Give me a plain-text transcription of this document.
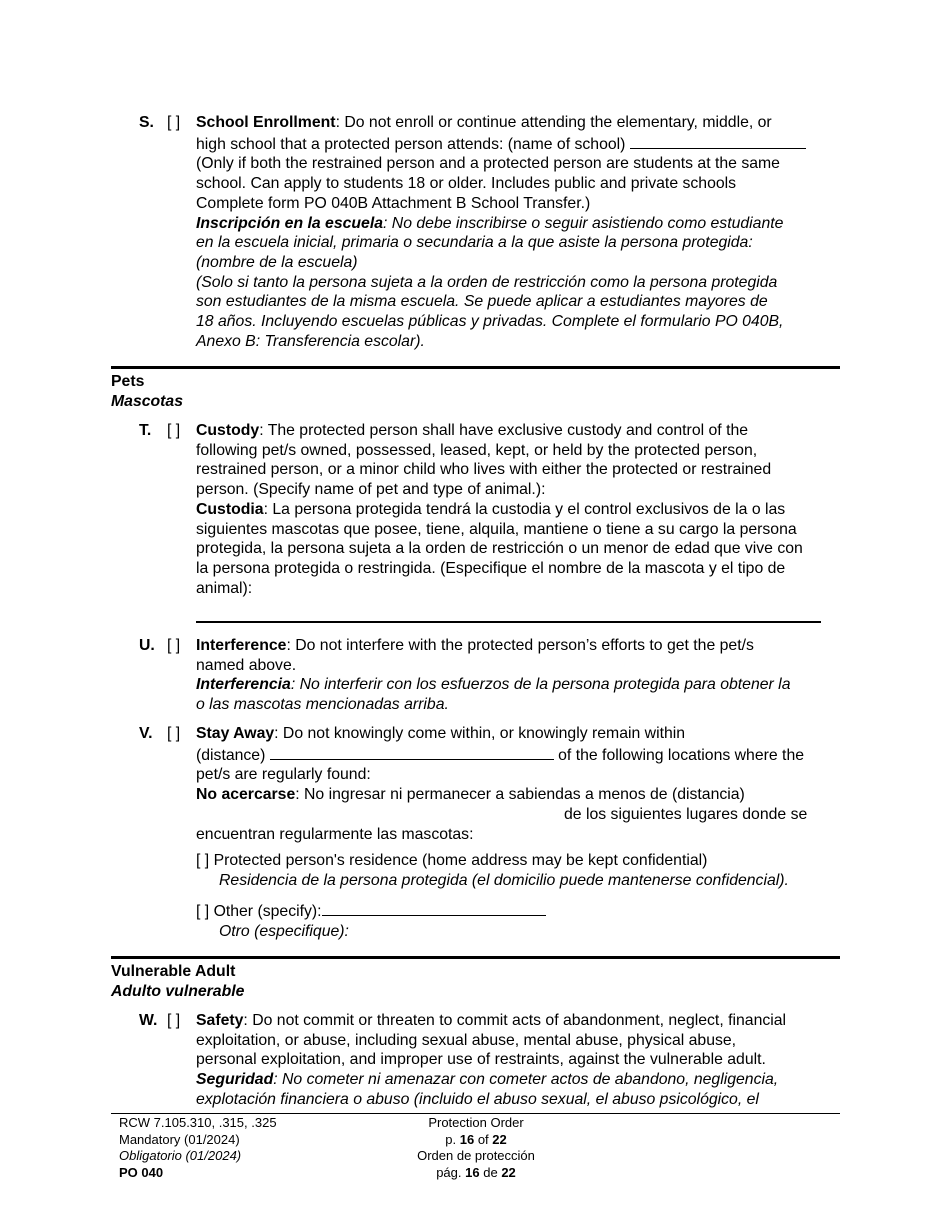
S. [ ] School Enrollment: Do not enroll or continue attending the elementary, middle, or
high school that a protected person attends: (name of school)
(Only if both the restrained person and a protected person are students at the same
school. Can apply to students 18 or older. Includes public and private schools
Complete form PO 040B Attachment B School Transfer.)
Inscripción en la escuela: No debe inscribirse o seguir asistiendo como estudiante
en la escuela inicial, primaria o secundaria a la que asiste la persona protegida:
(nombre de la escuela)
(Solo si tanto la persona sujeta a la orden de restricción como la persona protegida
son estudiantes de la misma escuela. Se puede aplicar a estudiantes mayores de
18 años. Incluyendo escuelas públicas y privadas. Complete el formulario PO 040B,
Anexo B: Transferencia escolar).
Pets
Mascotas
T. [ ] Custody: The protected person shall have exclusive custody and control of the
following pet/s owned, possessed, leased, kept, or held by the protected person,
restrained person, or a minor child who lives with either the protected or restrained
person. (Specify name of pet and type of animal.):
Custodia: La persona protegida tendrá la custodia y el control exclusivos de la o las
siguientes mascotas que posee, tiene, alquila, mantiene o tiene a su cargo la persona
protegida, la persona sujeta a la orden de restricción o un menor de edad que vive con
la persona protegida o restringida. (Especifique el nombre de la mascota y el tipo de
animal):
U. [ ] Interference: Do not interfere with the protected person’s efforts to get the pet/s
named above.
Interferencia: No interferir con los esfuerzos de la persona protegida para obtener la
o las mascotas mencionadas arriba.
V. [ ] Stay Away: Do not knowingly come within, or knowingly remain within
(distance)	of the following locations where the
pet/s are regularly found:
No acercarse: No ingresar ni permanecer a sabiendas a menos de (distancia)
de los siguientes lugares donde se
encuentran regularmente las mascotas:
[ ] Protected person's residence (home address may be kept confidential)
Residencia de la persona protegida (el domicilio puede mantenerse confidencial).
[ ] Other (specify):
Otro (especifique):
Vulnerable Adult
Adulto vulnerable
W. [ ] Safety: Do not commit or threaten to commit acts of abandonment, neglect, financial
exploitation, or abuse, including sexual abuse, mental abuse, physical abuse,
personal exploitation, and improper use of restraints, against the vulnerable adult.
Seguridad: No cometer ni amenazar con cometer actos de abandono, negligencia,
explotación financiera o abuso (incluido el abuso sexual, el abuso psicológico, el
RCW 7.105.310, .315, .325
Mandatory (01/2024)
Obligatorio (01/2024)
PO 040
Protection Order
p. 16 of 22
Orden de protección
pág. 16 de 22
